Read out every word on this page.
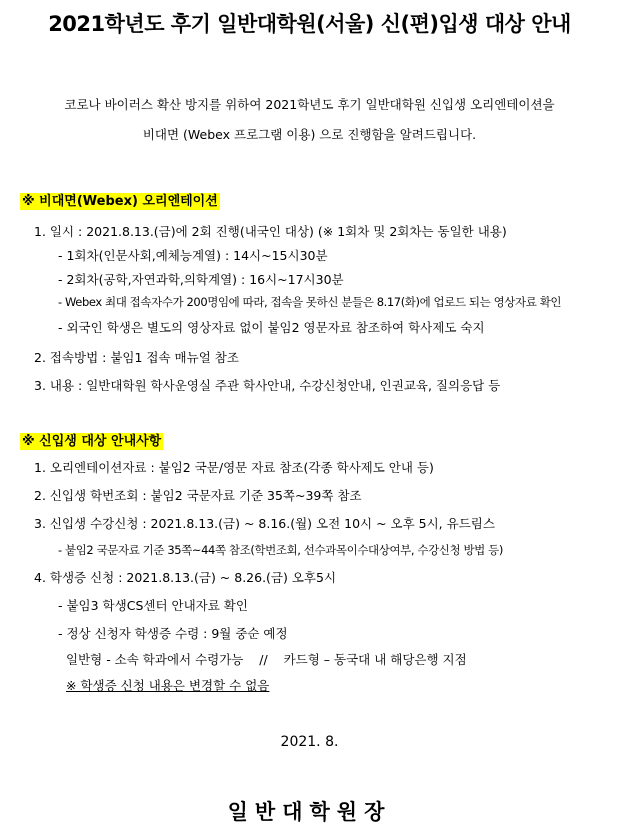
2021학년도 후기 일반대학원(서울) 신(편)입생 대상 안내
코로나 바이러스 확산 방지를 위하여 2021학년도 후기 일반대학원 신입생 오리엔테이션을
비대면 (Webex 프로그램 이용) 으로 진행함을 알려드립니다.
※ 비대면(Webex) 오리엔테이션
1. 일시 : 2021.8.13.(금)에 2회 진행(내국인 대상) (※ 1회차 및 2회차는 동일한 내용)
- 1회차(인문사회,예체능계열) : 14시~15시30분
- 2회차(공학,자연과학,의학계열) : 16시~17시30분
- Webex 최대 접속자수가 200명임에 따라, 접속을 못하신 분들은 8.17(화)에 업로드 되는 영상자료 확인
- 외국인 학생은 별도의 영상자료 없이 붙임2 영문자료 참조하여 학사제도 숙지
2. 접속방법 : 붙임1 접속 매뉴얼 참조
3. 내용 : 일반대학원 학사운영실 주관 학사안내, 수강신청안내, 인권교육, 질의응답 등
※ 신입생 대상 안내사항
1. 오리엔테이션자료 : 붙임2 국문/영문 자료 참조(각종 학사제도 안내 등)
2. 신입생 학번조회 : 붙임2 국문자료 기준 35쪽~39쪽 참조
3. 신입생 수강신청 : 2021.8.13.(금) ~ 8.16.(월) 오전 10시 ~ 오후 5시, 유드림스
- 붙임2 국문자료 기준 35쪽~44쪽 참조(학번조회, 선수과목이수대상여부, 수강신청 방법 등)
4. 학생증 신청 : 2021.8.13.(금) ~ 8.26.(금) 오후5시
- 붙임3 학생CS센터 안내자료 확인
- 정상 신청자 학생증 수령 : 9월 중순 예정
일반형 - 소속 학과에서 수령가능    //    카드형 – 동국대 내 해당은행 지점
※ 학생증 신청 내용은 변경할 수 없음
2021. 8.
일반대학원장
